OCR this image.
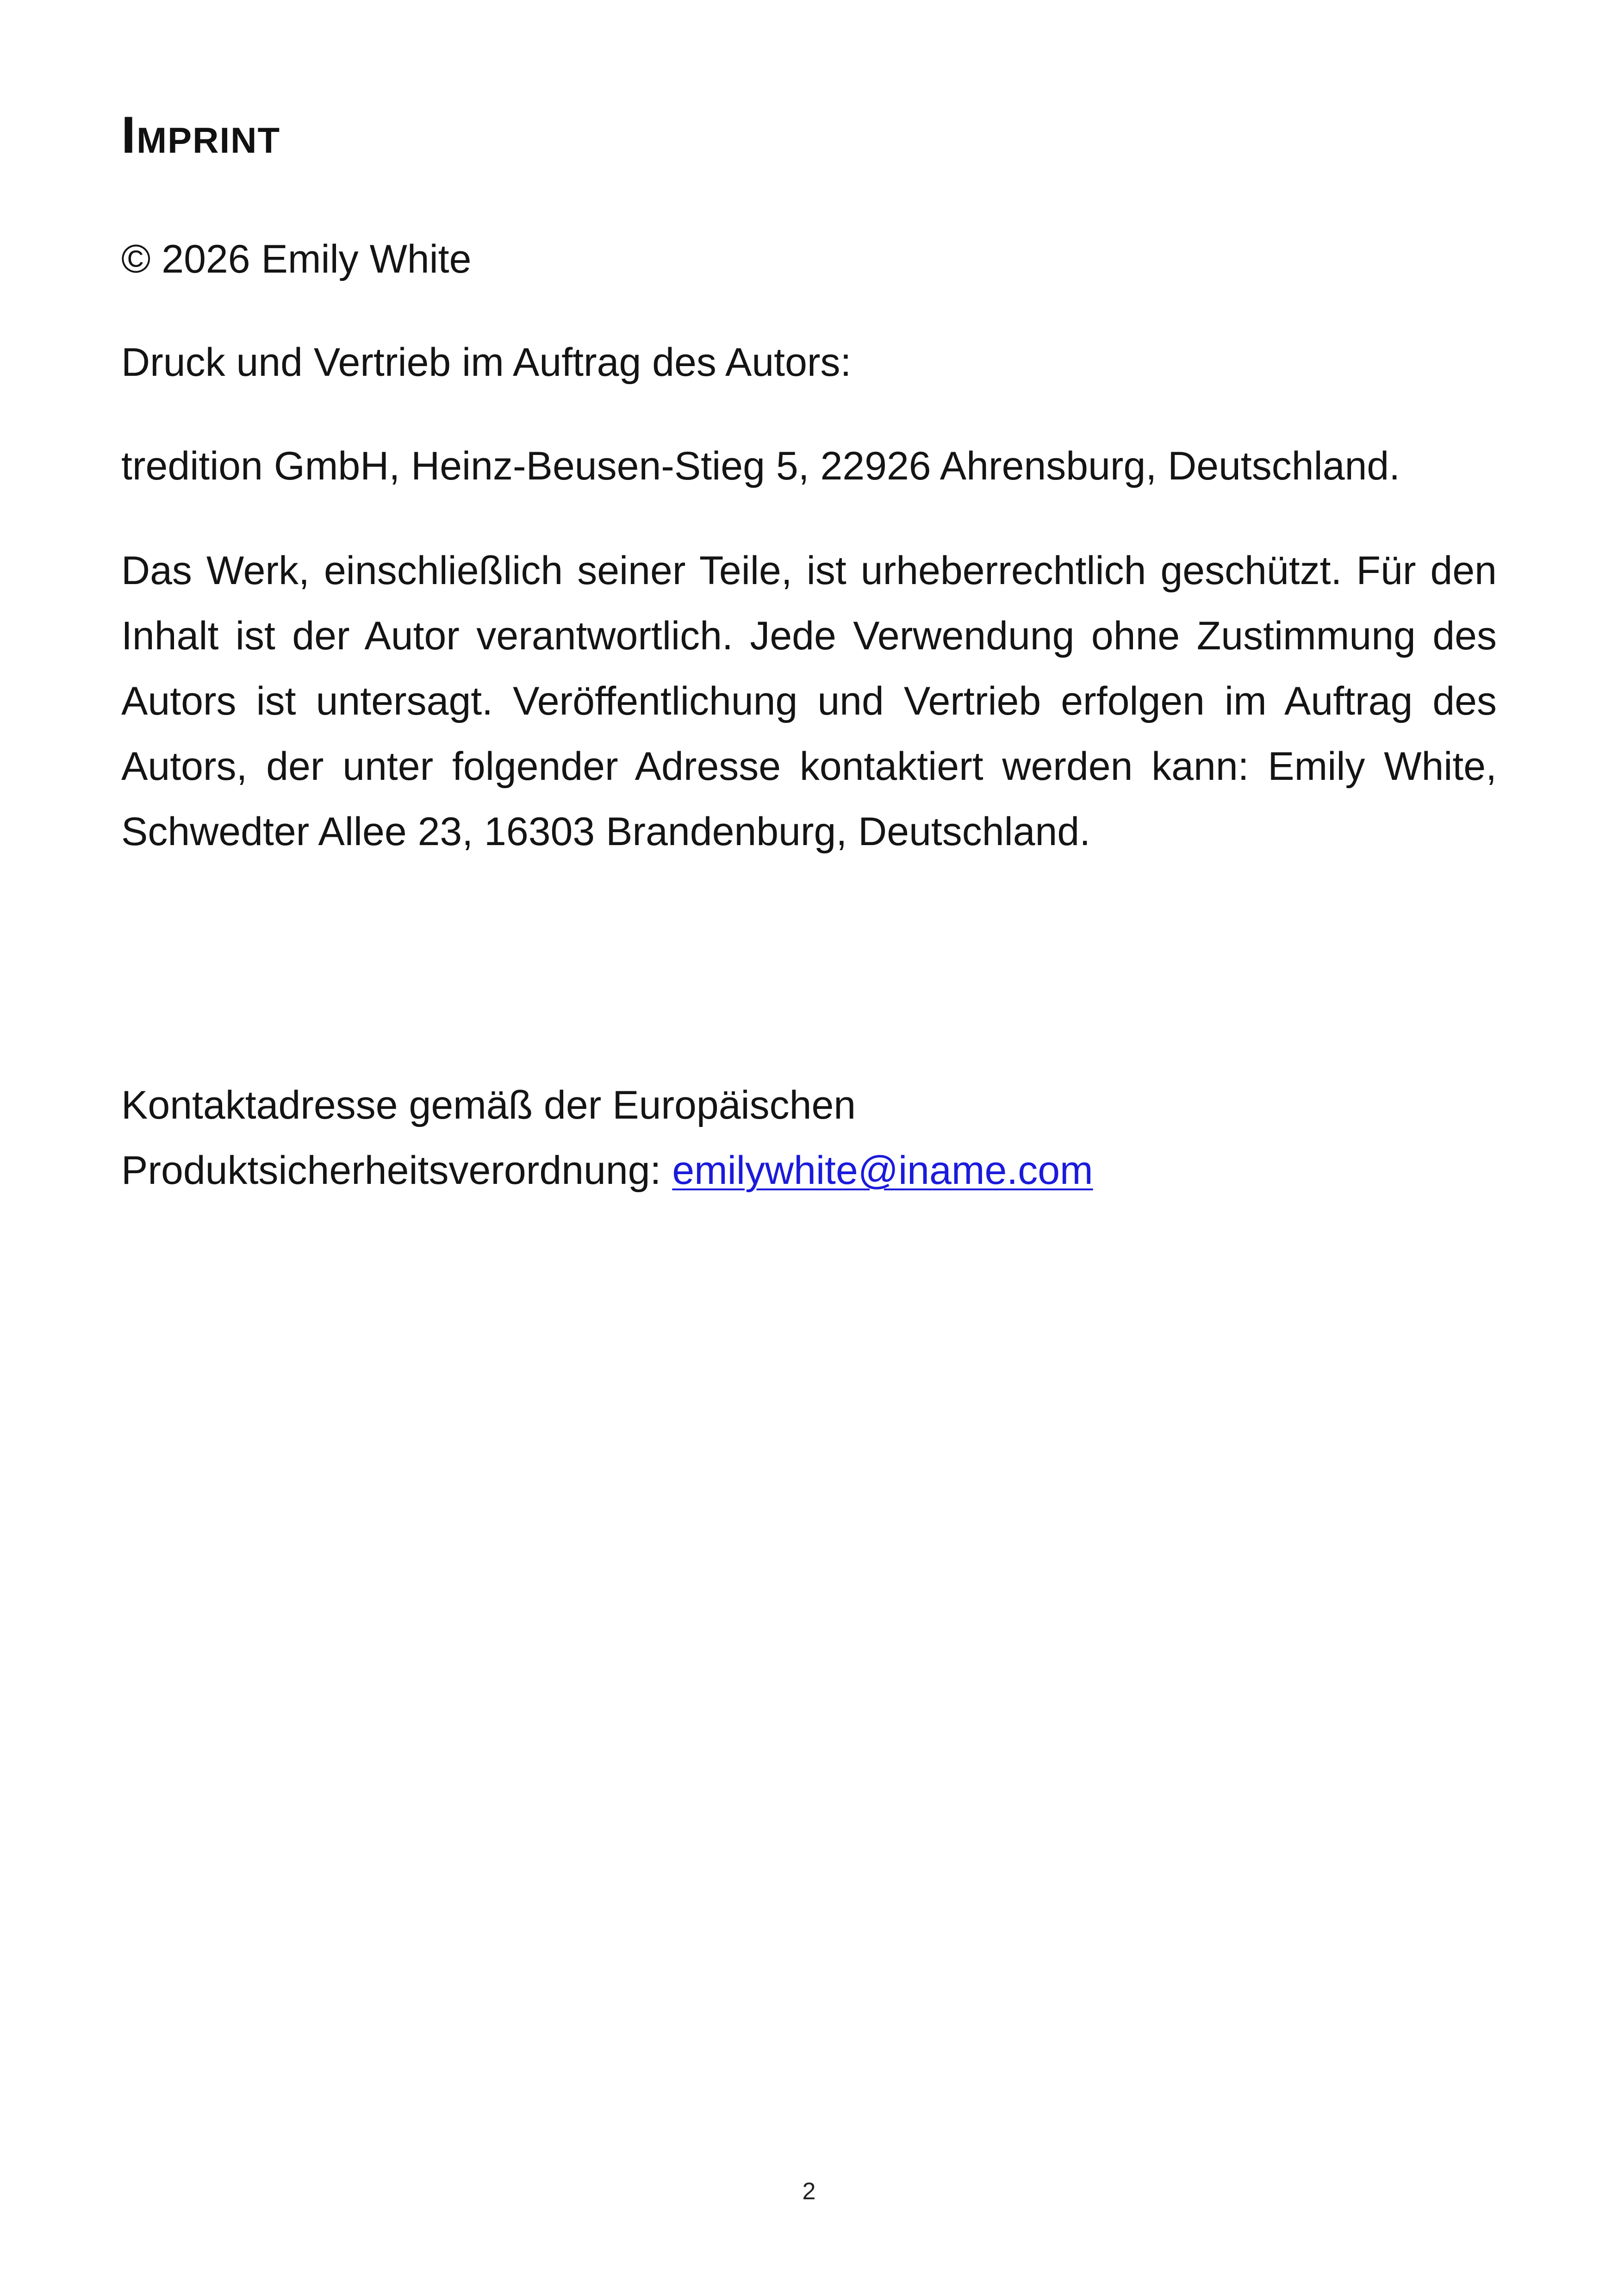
Imprint

© 2026 Emily White

Druck und Vertrieb im Auftrag des Autors:

tredition GmbH, Heinz-Beusen-Stieg 5, 22926 Ahrensburg, Deutschland.

Das Werk, einschließlich seiner Teile, ist urheberrechtlich geschützt. Für den Inhalt ist der Autor verantwortlich. Jede Verwendung ohne Zustimmung des Autors ist untersagt. Veröffentlichung und Vertrieb erfolgen im Auftrag des Autors, der unter folgender Adresse kontaktiert werden kann: Emily White, Schwedter Allee 23, 16303 Brandenburg, Deutschland.

Kontaktadresse gemäß der Europäischen
Produktsicherheitsverordnung: emilywhite@iname.com
2
